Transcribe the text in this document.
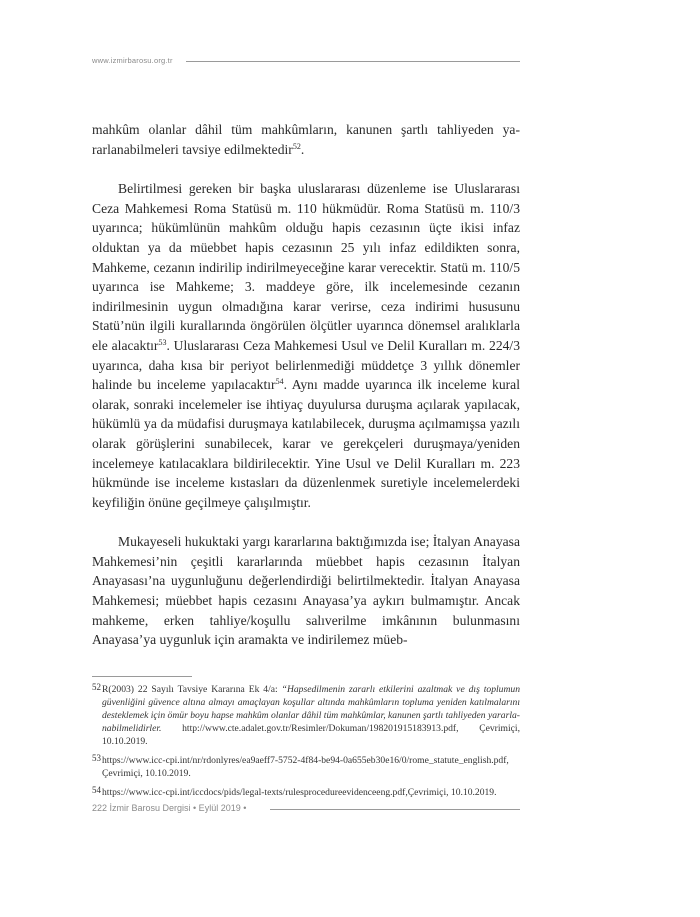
www.izmirbarosu.org.tr

mahkûm olanlar dâhil tüm mahkûmların, kanunen şartlı tahliyeden yararlanabilmeleri tavsiye edilmektedir$^{52}$.

Belirtilmesi gereken bir başka uluslararası düzenleme ise Uluslararası Ceza Mahkemesi Roma Statüsü m. 110 hükmüdür. Roma Statüsü m. 110/3 uyarınca; hükümlünün mahkûm olduğu hapis cezasının üçte ikisi infaz olduktan ya da müebbet hapis cezasının 25 yılı infaz edildikten sonra, Mahkeme, cezanın indirilip indirilmeyeceğine karar verecektir. Statü m. 110/5 uyarınca ise Mahkeme; 3. maddeye göre, ilk incelemesinde cezanın indirilmesinin uygun olmadığına karar verirse, ceza indirimi hususunu Statü’nün ilgili kurallarında öngörülen ölçütler uyarınca dönemsel aralıklarla ele alacaktır$^{53}$. Uluslararası Ceza Mahkemesi Usul ve Delil Kuralları m. 224/3 uyarınca, daha kısa bir periyot belirlenmediği müddetçe 3 yıllık dönemler halinde bu inceleme yapılacaktır$^{54}$. Aynı madde uyarınca ilk inceleme kural olarak, sonraki incelemeler ise ihtiyaç duyulursa duruşma açılarak yapılacak, hükümlü ya da müdafisi duruşmaya katılabilecek, duruşma açılmamışsa yazılı olarak görüşlerini sunabilecek, karar ve gerekçeleri duruşmaya/yeniden incelemeye katılacaklara bildirilecektir. Yine Usul ve Delil Kuralları m. 223 hükmünde ise inceleme kıstasları da düzenlenmek suretiyle incelemelerdeki keyfiliğin önüne geçilmeye çalışılmıştır.

Mukayeseli hukuktaki yargı kararlarına baktığımızda ise; İtalyan Anayasa Mahkemesi’nin çeşitli kararlarında müebbet hapis cezasının İtalyan Anayasası’na uygunluğunu değerlendirdiği belirtilmektedir. İtalyan Anayasa Mahkemesi; müebbet hapis cezasını Anayasa’ya aykırı bulmamıştır. Ancak mahkeme, erken tahliye/koşullu salıverilme imkânının bulunmasını Anayasa’ya uygunluk için aramakta ve indirilemez müeb-

52 R(2003) 22 Sayılı Tavsiye Kararına Ek 4/a: “Hapsedilmenin zararlı etkilerini azaltmak ve dış toplumun güvenliğini güvence altına almayı amaçlayan koşullar altında mahkûmların topluma yeniden katılmalarını desteklemek için ömür boyu hapse mahkûm olanlar dâhil tüm mahkûmlar, kanunen şartlı tahliyeden yararlanabilmelidirler. http://www.cte.adalet.gov.tr/Resimler/Dokuman/198201915183913.pdf, Çevrimiçi, 10.10.2019.
53 https://www.icc-cpi.int/nr/rdonlyres/ea9aeff7-5752-4f84-be94-0a655eb30e16/0/rome_statute_english.pdf, Çevrimiçi, 10.10.2019.
54 https://www.icc-cpi.int/iccdocs/pids/legal-texts/rulesprocedureevidenceeng.pdf,Çevrimiçi, 10.10.2019.
222 İzmir Barosu Dergisi • Eylül 2019 •
